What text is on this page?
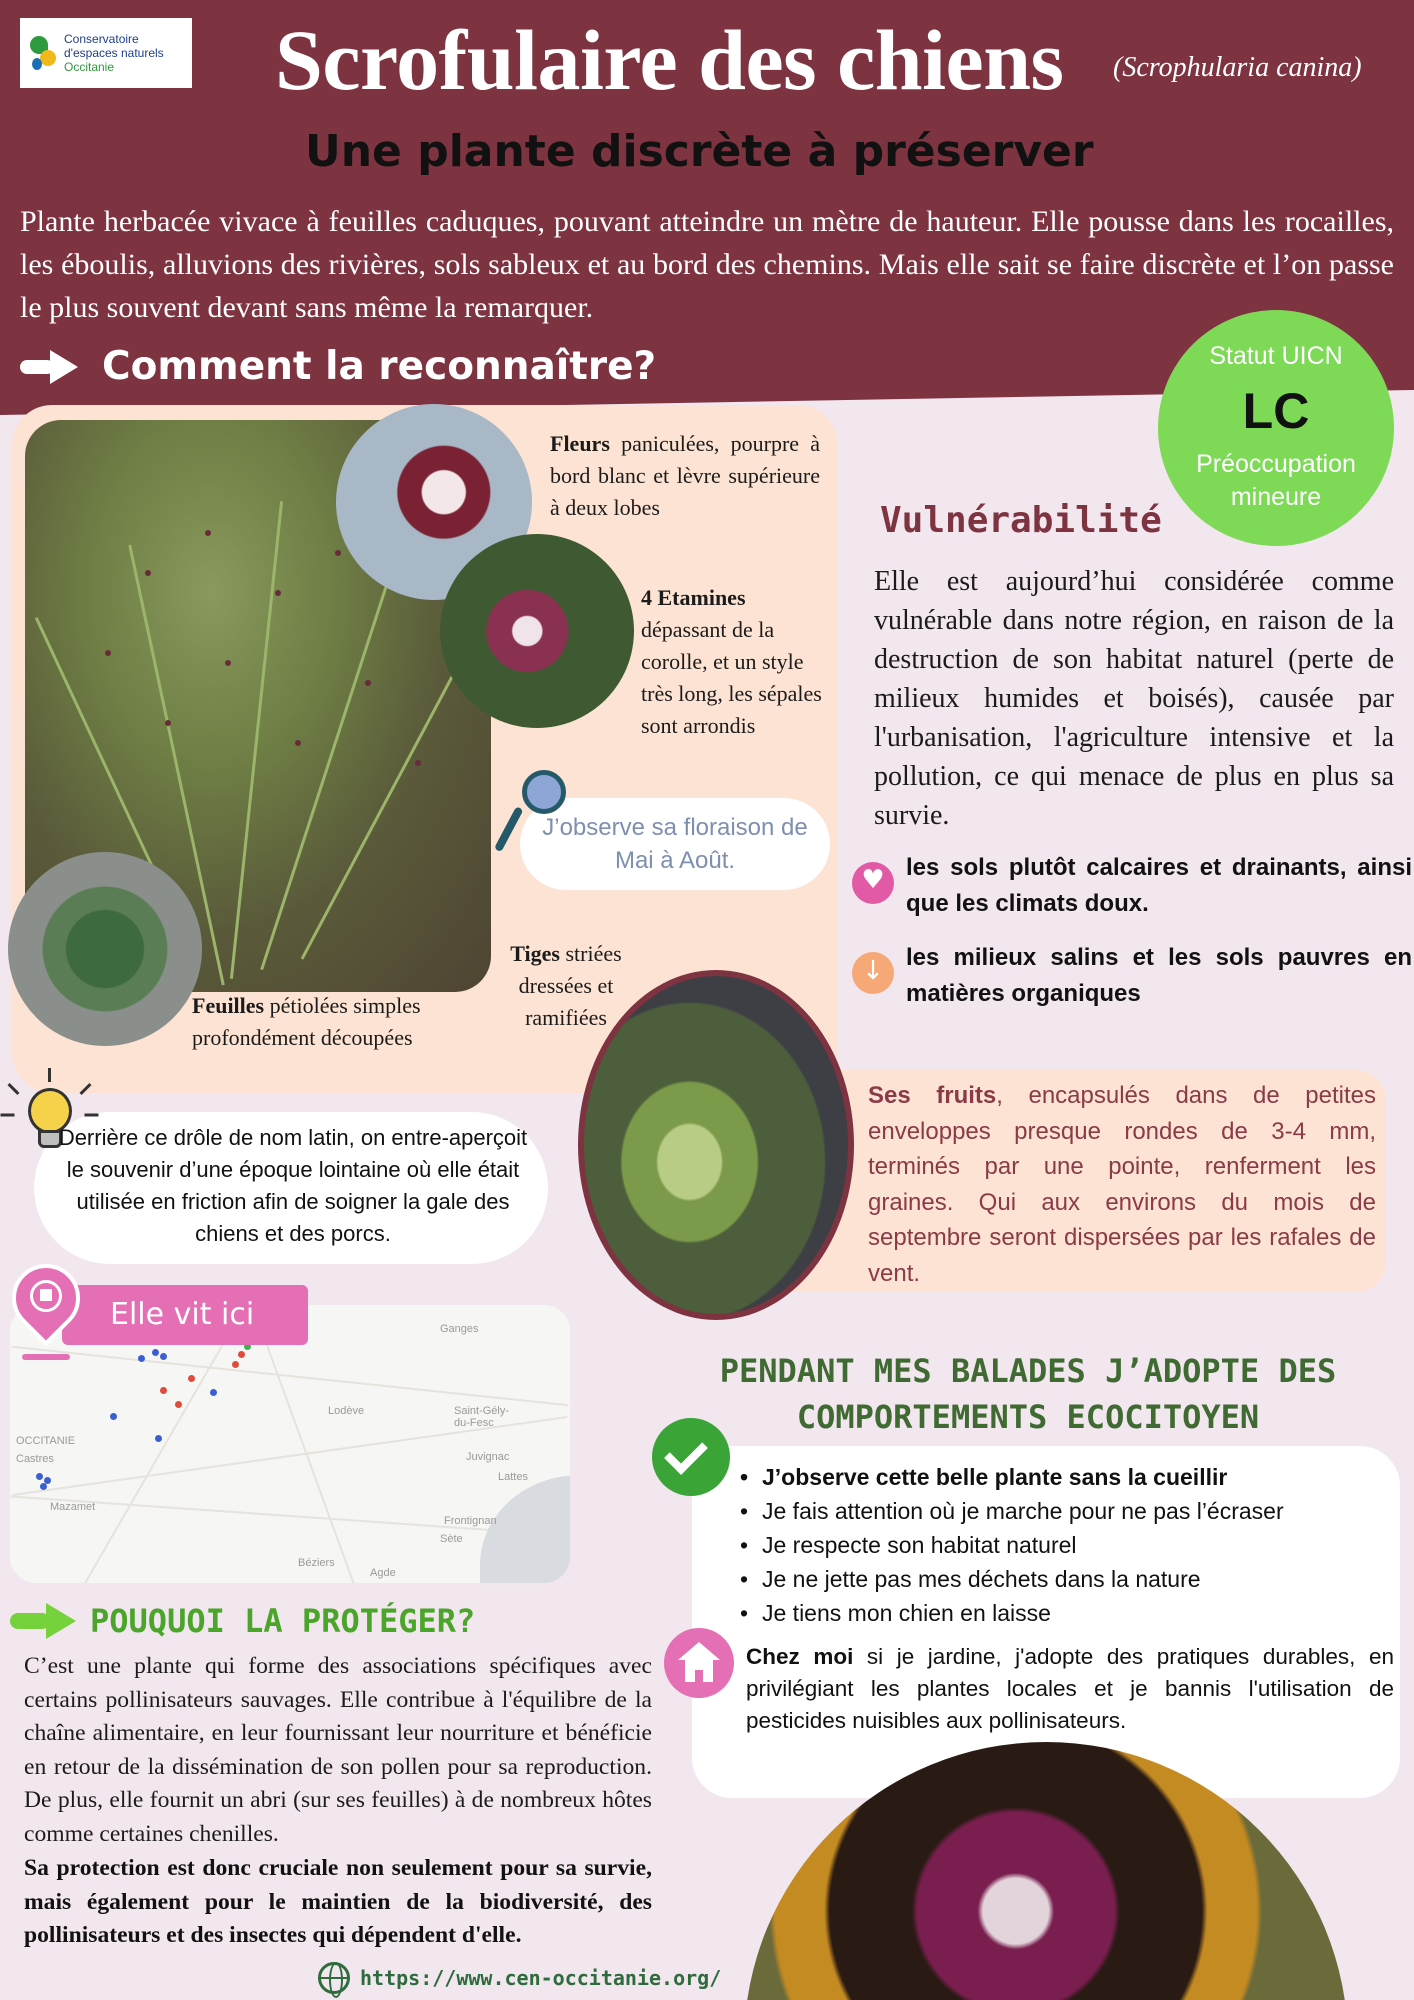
Conservatoire
d'espaces naturels
Occitanie	Scrofulaire des chiens (Scrophularia canina)
Une plante discrète à préserver
Plante herbacée vivace à feuilles caduques, pouvant atteindre un mètre de hauteur. Elle pousse dans les rocailles, les éboulis, alluvions des rivières, sols sableux et au bord des chemins. Mais elle sait se faire discrète et l’on passe le plus souvent devant sans même la remarquer.
Comment la reconnaître?
Fleurs paniculées, pourpre à bord blanc et lèvre supérieure à deux lobes
4 Etamines
dépassant de la corolle, et un style très long, les sépales sont arrondis
J’observe sa floraison de Mai à Août.
Tiges striées dressées et ramifiées
Feuilles pétiolées simples profondément découpées
Statut UICN
LC
Préoccupation mineure
Vulnérabilité
Elle est aujourd’hui considérée comme vulnérable dans notre région, en raison de la destruction de son habitat naturel (perte de milieux humides et boisés), causée par l'urbanisation, l'agriculture intensive et la pollution, ce qui menace de plus en plus sa survie.
♥
les sols plutôt calcaires et drainants, ainsi que les climats doux.
↓
les milieux salins et les sols pauvres en matières organiques
Ses fruits, encapsulés dans de petites enveloppes presque rondes de 3-4 mm, terminés par une pointe, renferment les graines. Qui aux environs du mois de septembre seront dispersées par les rafales de vent.
Derrière ce drôle de nom latin, on entre-aperçoit le souvenir d’une époque lointaine où elle était utilisée en friction afin de soigner la gale des chiens et des porcs.
OCCITANIE
Castres
Mazamet
Lodève
Ganges
Saint-Gély-du-Fesc
Lattes
Frontignan
Sète
Agde
Béziers
Juvignac
Elle vit ici
POUQUOI LA PROTÉGER?
C’est une plante qui forme des associations spécifiques avec certains pollinisateurs sauvages. Elle contribue à l'équilibre de la chaîne alimentaire, en leur fournissant leur nourriture et bénéficie en retour de la dissémination de son pollen pour sa reproduction. De plus, elle fournit un abri (sur ses feuilles) à de nombreux hôtes comme certaines chenilles.
Sa protection est donc cruciale non seulement pour sa survie, mais également pour le maintien de la biodiversité, des pollinisateurs et des insectes qui dépendent d'elle.
https://www.cen-occitanie.org/
PENDANT MES BALADES J’ADOPTE DES COMPORTEMENTS ECOCITOYEN
• J’observe cette belle plante sans la cueillir
• Je fais attention où je marche pour ne pas l’écraser
• Je respecte son habitat naturel
• Je ne jette pas mes déchets dans la nature
• Je tiens mon chien en laisse
Chez moi si je jardine, j'adopte des pratiques durables, en privilégiant les plantes locales et je bannis l'utilisation de pesticides nuisibles aux pollinisateurs.
